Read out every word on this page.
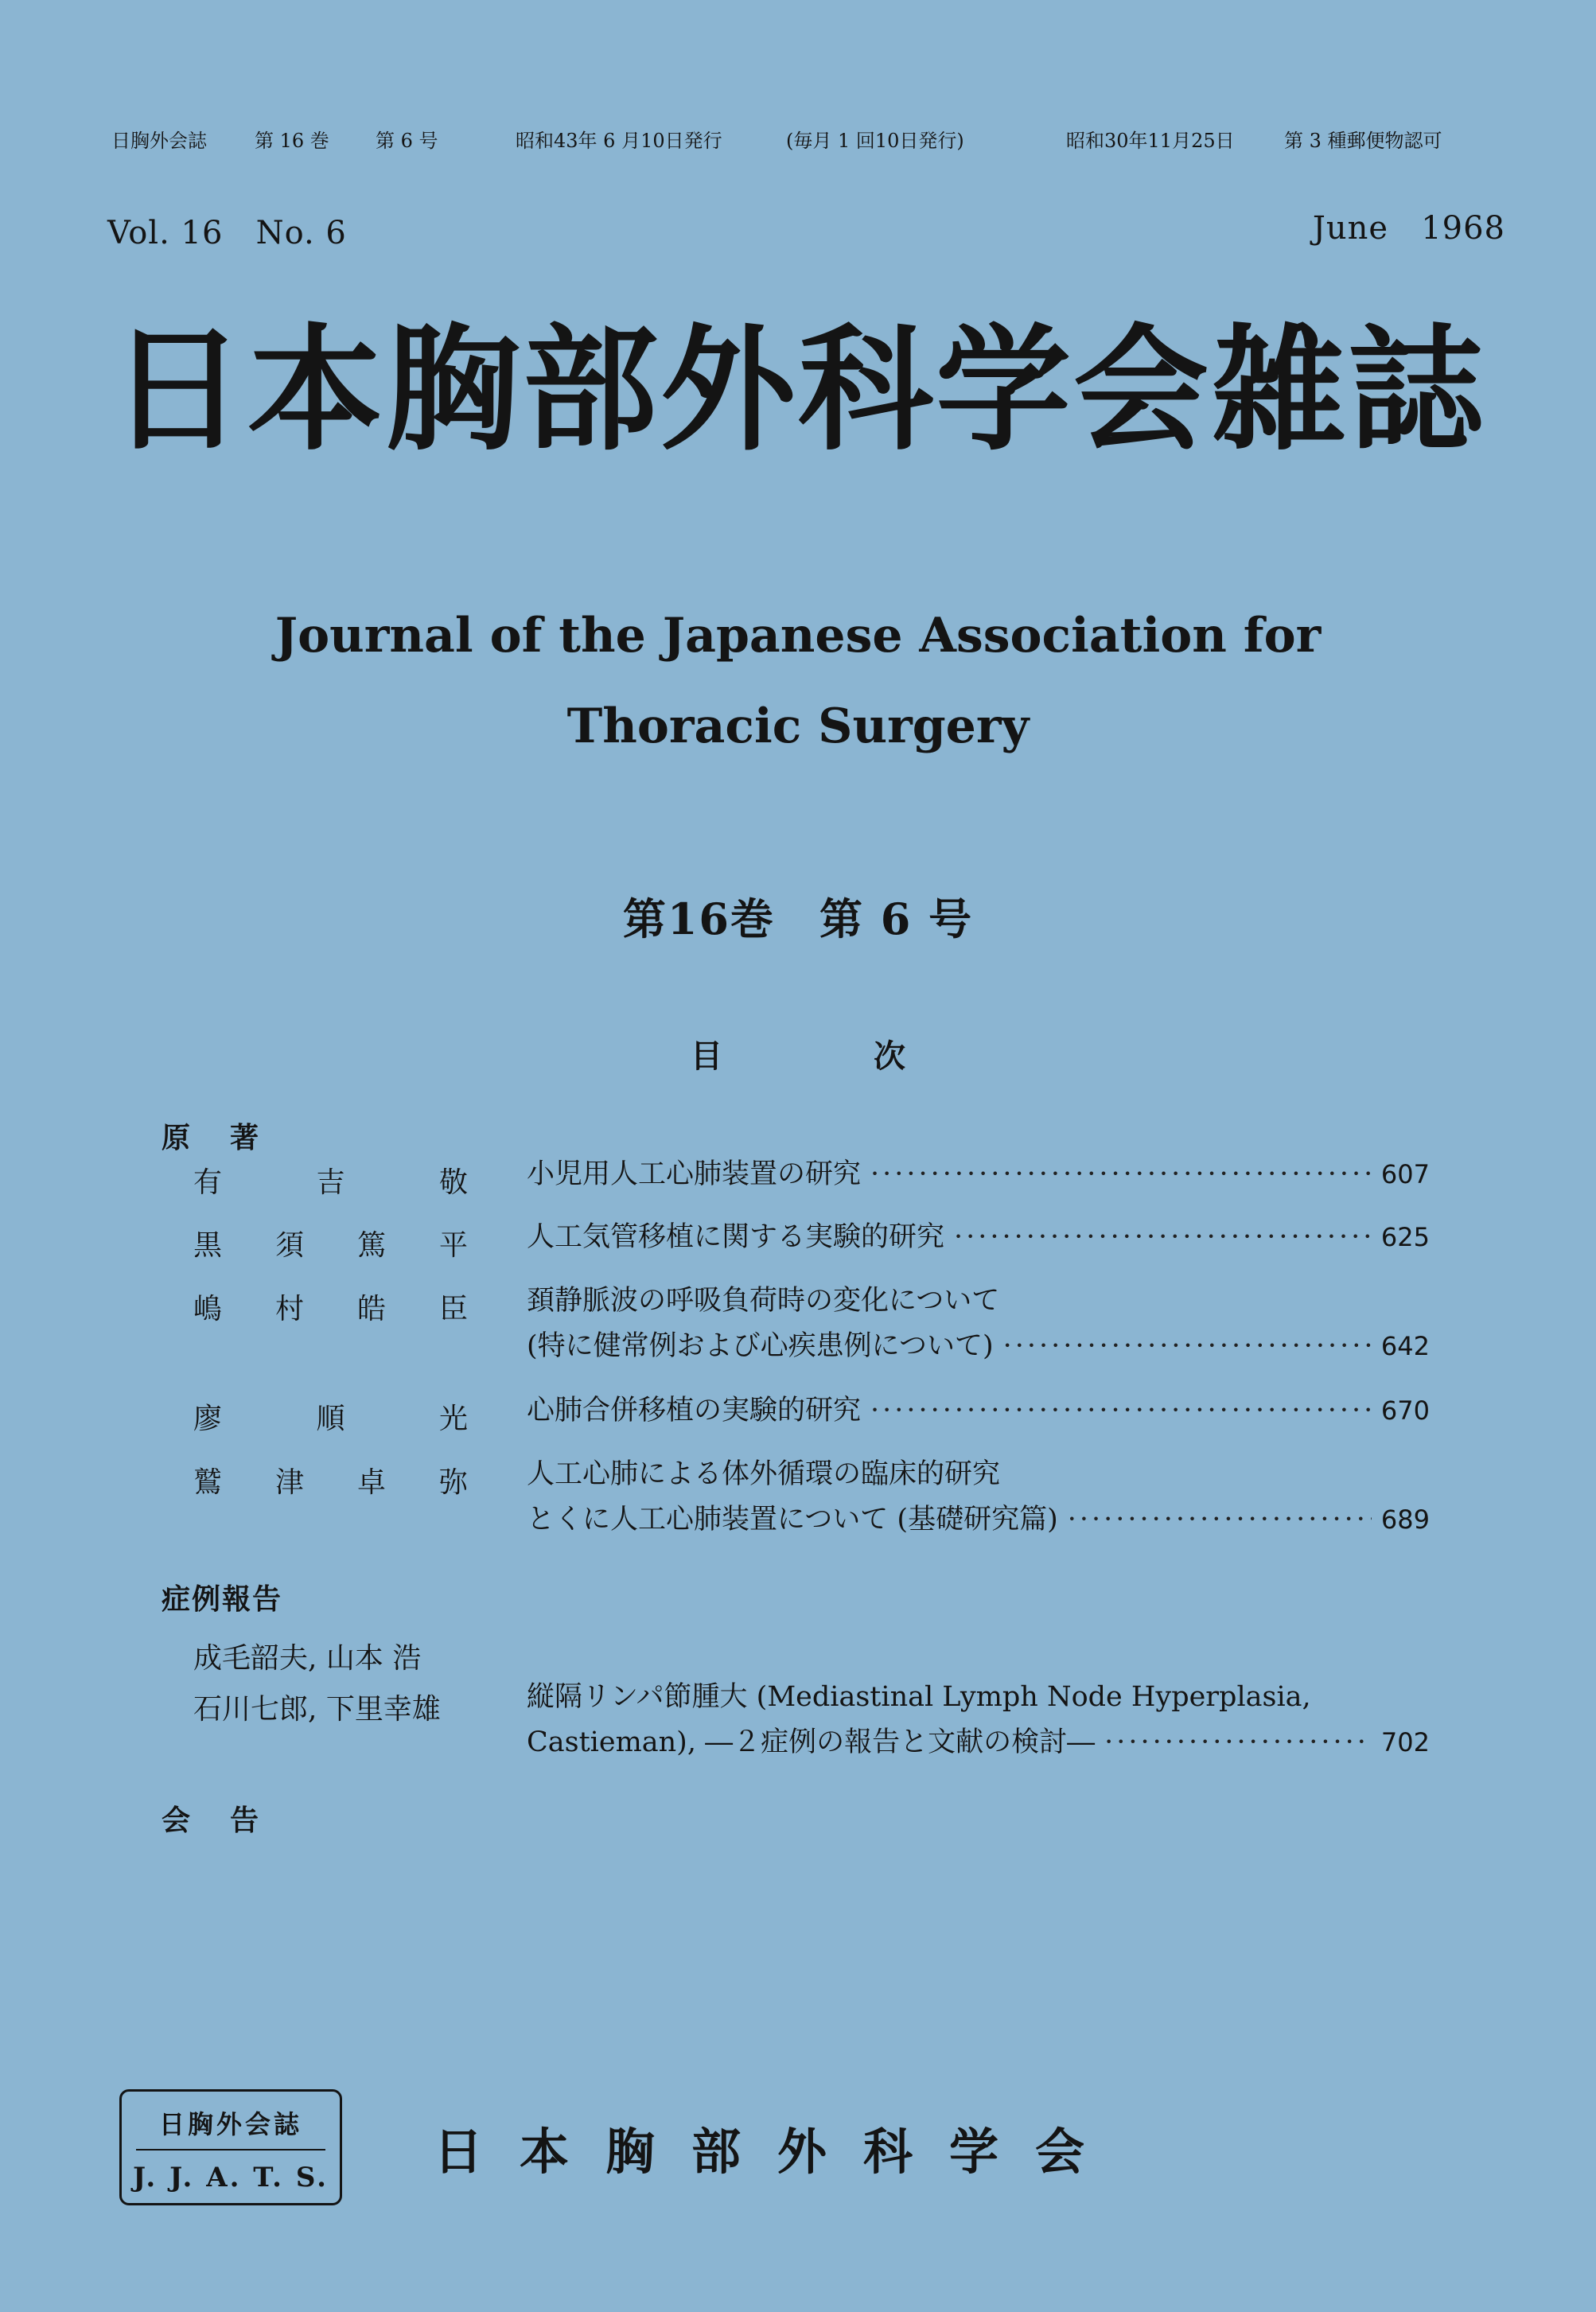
日胸外会誌	第 16 巻 第 6 号	昭和43年 6 月10日発行	(毎月 1 回10日発行)	昭和30年11月25日	第 3 種郵便物認可
Vol. 16   No. 6	June   1968
日本胸部外科学会雑誌
Journal of the Japanese Association for
Thoracic Surgery
第16巻　第 6 号
目次
原著
有吉敬 小児用人工心肺装置の研究 ·····	607
黒須篤平 人工気管移植に関する実験的研究 ·····	625
嶋村皓臣 頚静脈波の呼吸負荷時の変化について
(特に健常例および心疾患例について) ·····	642
廖順光 心肺合併移植の実験的研究 ·····	670
鷲津卓弥 人工心肺による体外循環の臨床的研究
とくに人工心肺装置について (基礎研究篇) ·····	689
症例報告
成毛韶夫, 山本 浩
石川七郎, 下里幸雄	縦隔リンパ節腫大 (Mediastinal Lymph Node Hyperplasia,
Castieman), ―２症例の報告と文献の検討― ·····	702
会告
日胸外会誌
J. J. A. T. S. 日本胸部外科学会
